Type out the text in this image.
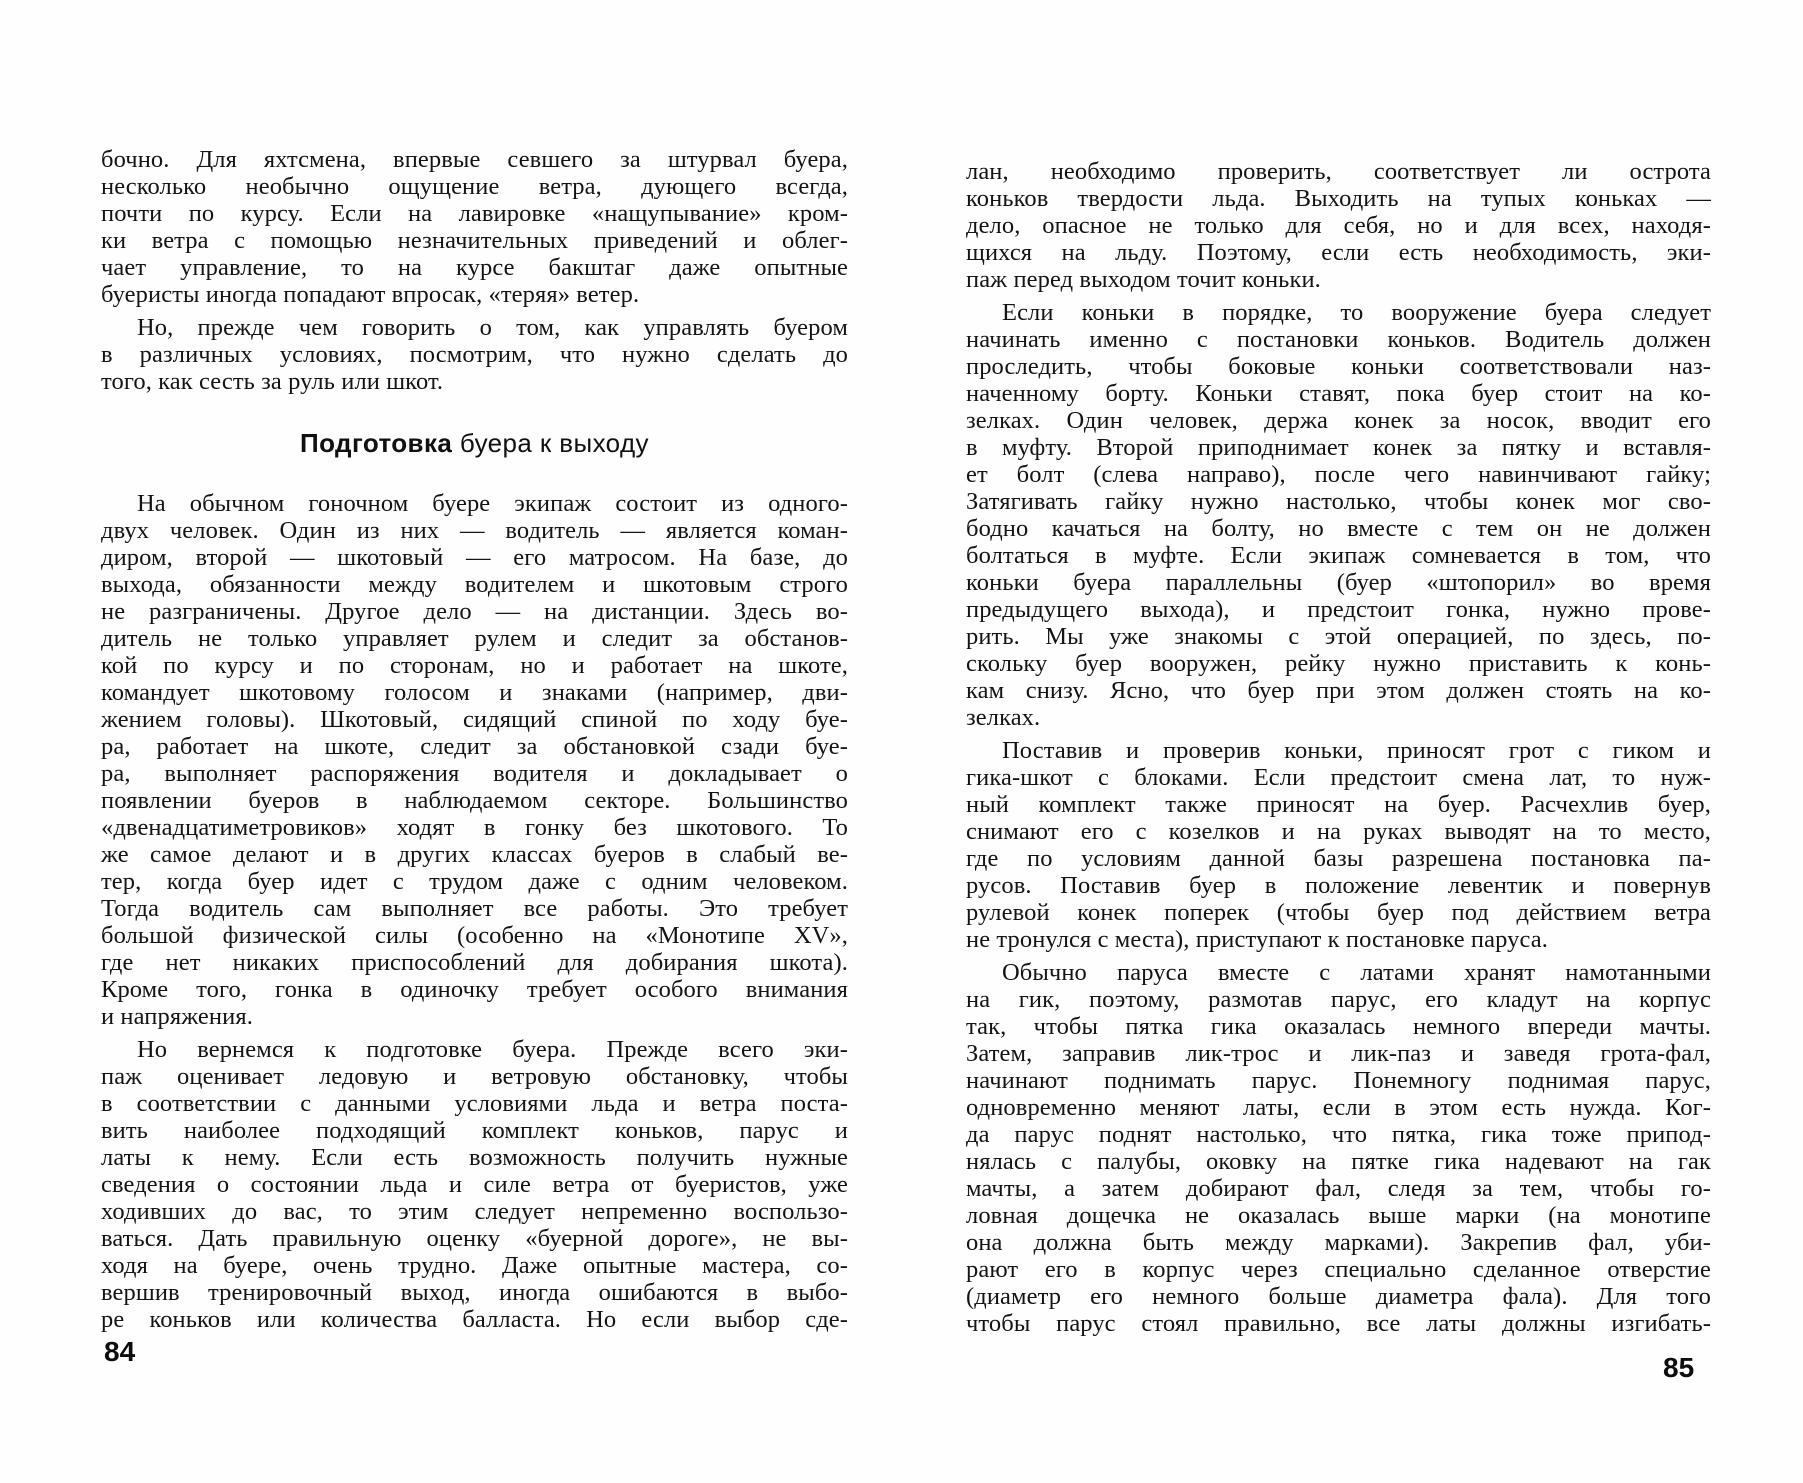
бочно. Для яхтсмена, впервые севшего за штурвал буера,
несколько необычно ощущение ветра, дующего всегда,
почти по курсу. Если на лавировке «нащупывание» кром-
ки ветра с помощью незначительных приведений и облег-
чает управление, то на курсе бакштаг даже опытные
буеристы иногда попадают впросак, «теряя» ветер.
Но, прежде чем говорить о том, как управлять буером
в различных условиях, посмотрим, что нужно сделать до
того, как сесть за руль или шкот.
Подготовка буера к выходу
На обычном гоночном буере экипаж состоит из одного-
двух человек. Один из них — водитель — является коман-
диром, второй — шкотовый — его матросом. На базе, до
выхода, обязанности между водителем и шкотовым строго
не разграничены. Другое дело — на дистанции. Здесь во-
дитель не только управляет рулем и следит за обстанов-
кой по курсу и по сторонам, но и работает на шкоте,
командует шкотовому голосом и знаками (например, дви-
жением головы). Шкотовый, сидящий спиной по ходу буе-
ра, работает на шкоте, следит за обстановкой сзади буе-
ра, выполняет распоряжения водителя и докладывает о
появлении буеров в наблюдаемом секторе. Большинство
«двенадцатиметровиков» ходят в гонку без шкотового. То
же самое делают и в других классах буеров в слабый ве-
тер, когда буер идет с трудом даже с одним человеком.
Тогда водитель сам выполняет все работы. Это требует
большой физической силы (особенно на «Монотипе XV»,
где нет никаких приспособлений для добирания шкота).
Кроме того, гонка в одиночку требует особого внимания
и напряжения.
Но вернемся к подготовке буера. Прежде всего эки-
паж оценивает ледовую и ветровую обстановку, чтобы
в соответствии с данными условиями льда и ветра поста-
вить наиболее подходящий комплект коньков, парус и
латы к нему. Если есть возможность получить нужные
сведения о состоянии льда и силе ветра от буеристов, уже
ходивших до вас, то этим следует непременно воспользо-
ваться. Дать правильную оценку «буерной дороге», не вы-
ходя на буере, очень трудно. Даже опытные мастера, со-
вершив тренировочный выход, иногда ошибаются в выбо-
ре коньков или количества балласта. Но если выбор сде-
84
лан, необходимо проверить, соответствует ли острота
коньков твердости льда. Выходить на тупых коньках —
дело, опасное не только для себя, но и для всех, находя-
щихся на льду. Поэтому, если есть необходимость, эки-
паж перед выходом точит коньки.
Если коньки в порядке, то вооружение буера следует
начинать именно с постановки коньков. Водитель должен
проследить, чтобы боковые коньки соответствовали наз-
наченному борту. Коньки ставят, пока буер стоит на ко-
зелках. Один человек, держа конек за носок, вводит его
в муфту. Второй приподнимает конек за пятку и вставля-
ет болт (слева направо), после чего навинчивают гайку;
Затягивать гайку нужно настолько, чтобы конек мог сво-
бодно качаться на болту, но вместе с тем он не должен
болтаться в муфте. Если экипаж сомневается в том, что
коньки буера параллельны (буер «штопорил» во время
предыдущего выхода), и предстоит гонка, нужно прове-
рить. Мы уже знакомы с этой операцией, по здесь, по-
скольку буер вооружен, рейку нужно приставить к конь-
кам снизу. Ясно, что буер при этом должен стоять на ко-
зелках.
Поставив и проверив коньки, приносят грот с гиком и
гика-шкот с блоками. Если предстоит смена лат, то нуж-
ный комплект также приносят на буер. Расчехлив буер,
снимают его с козелков и на руках выводят на то место,
где по условиям данной базы разрешена постановка па-
русов. Поставив буер в положение левентик и повернув
рулевой конек поперек (чтобы буер под действием ветра
не тронулся с места), приступают к постановке паруса.
Обычно паруса вместе с латами хранят намотанными
на гик, поэтому, размотав парус, его кладут на корпус
так, чтобы пятка гика оказалась немного впереди мачты.
Затем, заправив лик-трос и лик-паз и заведя грота-фал,
начинают поднимать парус. Понемногу поднимая парус,
одновременно меняют латы, если в этом есть нужда. Ког-
да парус поднят настолько, что пятка, гика тоже припод-
нялась с палубы, оковку на пятке гика надевают на гак
мачты, а затем добирают фал, следя за тем, чтобы го-
ловная дощечка не оказалась выше марки (на монотипе
она должна быть между марками). Закрепив фал, уби-
рают его в корпус через специально сделанное отверстие
(диаметр его немного больше диаметра фала). Для того
чтобы парус стоял правильно, все латы должны изгибать-
85
